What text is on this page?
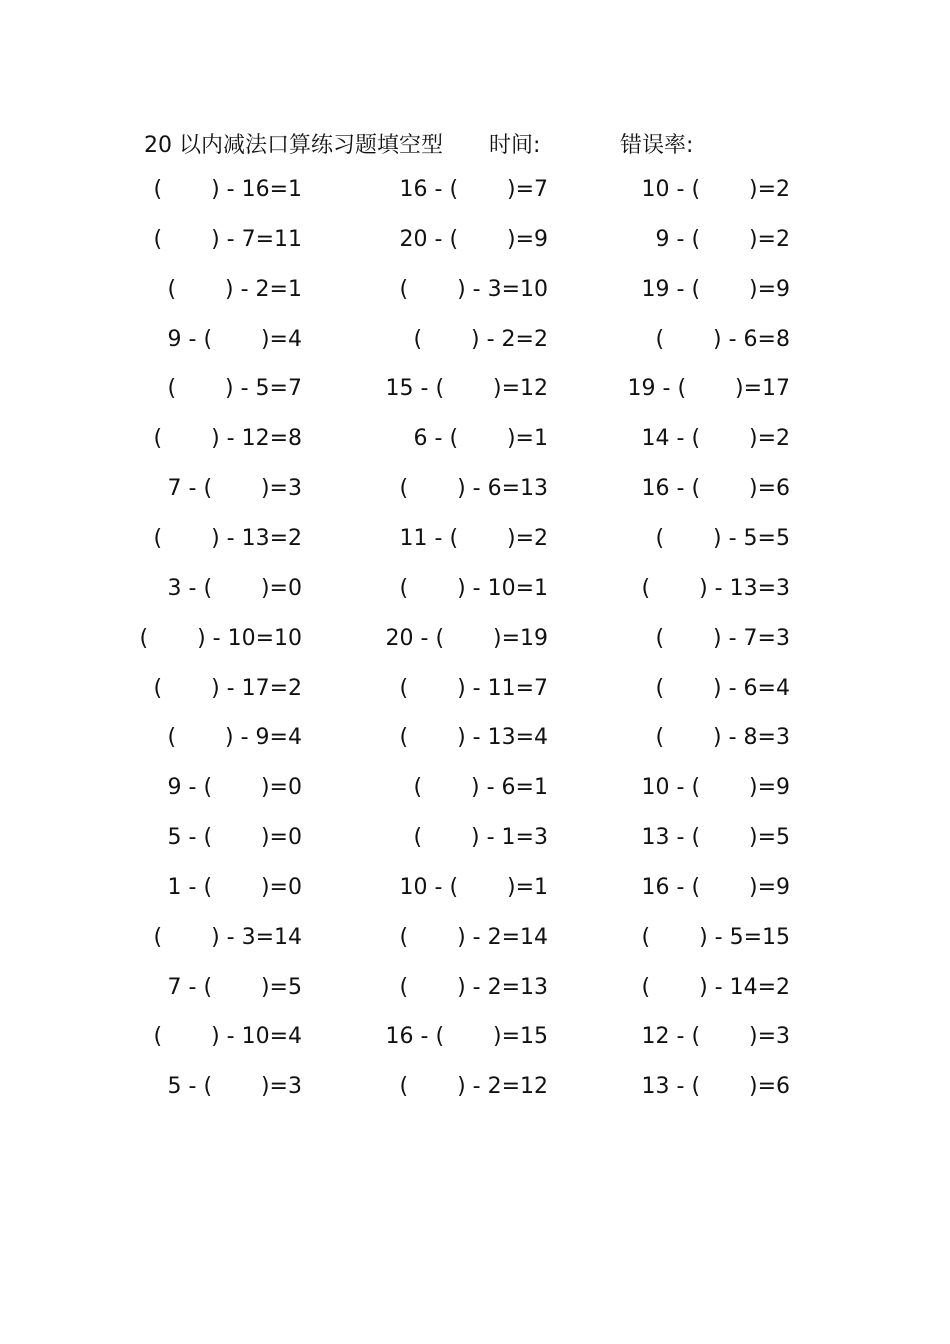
20 以内减法口算练习题填空型 时间:	错误率:
(       ) - 16=1	16 - (       )=7	10 - (       )=2
(       ) - 7=11	20 - (       )=9	9 - (       )=2
(       ) - 2=1	(       ) - 3=10	19 - (       )=9
9 - (       )=4	(       ) - 2=2	(       ) - 6=8
(       ) - 5=7	15 - (       )=12	19 - (       )=17
(       ) - 12=8	6 - (       )=1	14 - (       )=2
7 - (       )=3	(       ) - 6=13	16 - (       )=6
(       ) - 13=2	11 - (       )=2	(       ) - 5=5
3 - (       )=0	(       ) - 10=1	(       ) - 13=3
(       ) - 10=10	20 - (       )=19	(       ) - 7=3
(       ) - 17=2	(       ) - 11=7	(       ) - 6=4
(       ) - 9=4	(       ) - 13=4	(       ) - 8=3
9 - (       )=0	(       ) - 6=1	10 - (       )=9
5 - (       )=0	(       ) - 1=3	13 - (       )=5
1 - (       )=0	10 - (       )=1	16 - (       )=9
(       ) - 3=14	(       ) - 2=14	(       ) - 5=15
7 - (       )=5	(       ) - 2=13	(       ) - 14=2
(       ) - 10=4	16 - (       )=15	12 - (       )=3
5 - (       )=3	(       ) - 2=12	13 - (       )=6
